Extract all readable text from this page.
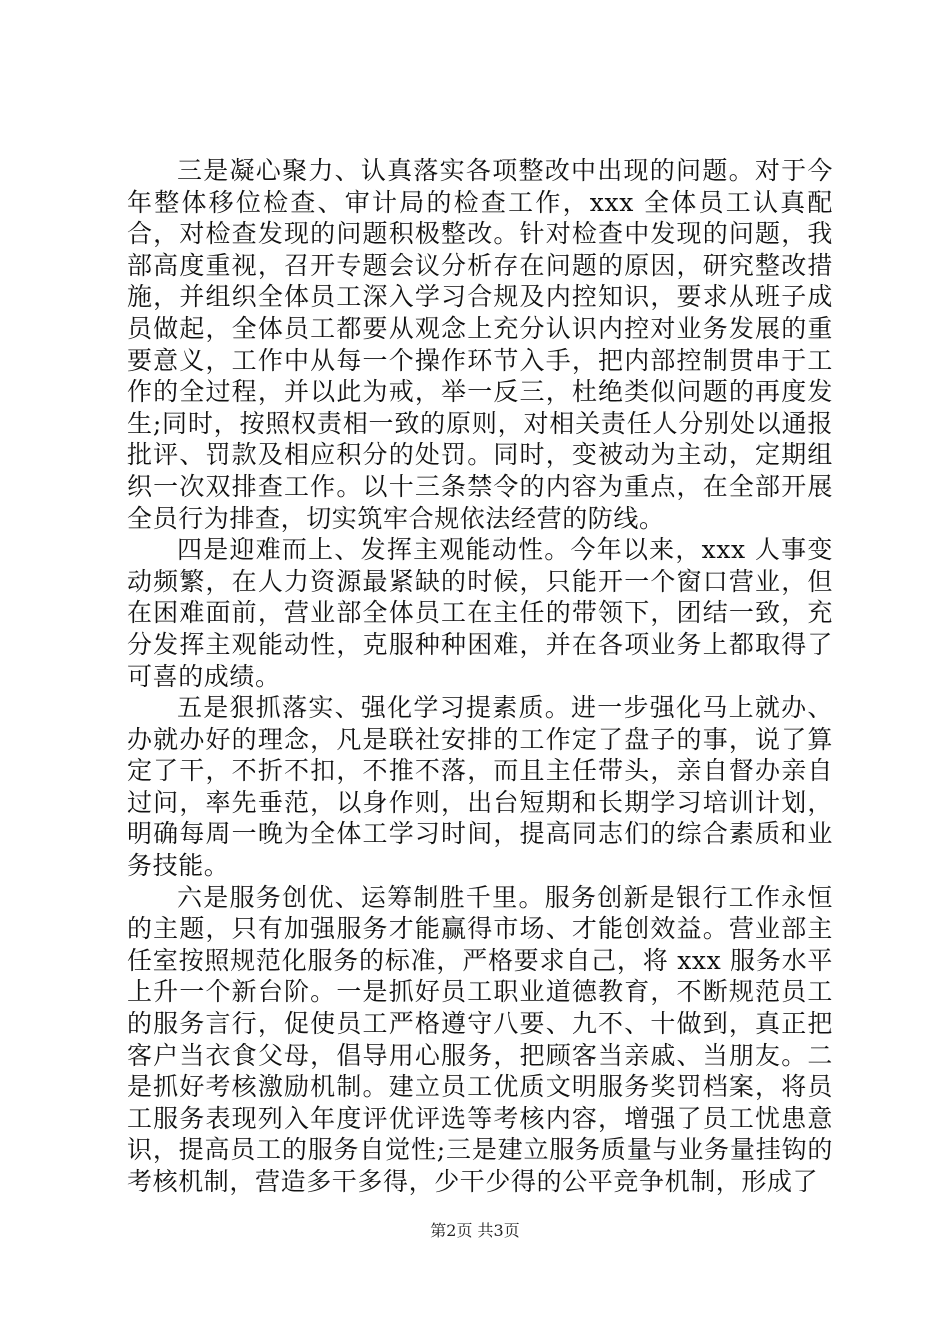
三是凝心聚力、认真落实各项整改中出现的问题。对于今年整体移位检查、审计局的检查工作，xxx 全体员工认真配合，对检查发现的问题积极整改。针对检查中发现的问题，我部高度重视，召开专题会议分析存在问题的原因，研究整改措施，并组织全体员工深入学习合规及内控知识，要求从班子成员做起，全体员工都要从观念上充分认识内控对业务发展的重要意义，工作中从每一个操作环节入手，把内部控制贯串于工作的全过程，并以此为戒，举一反三，杜绝类似问题的再度发生;同时，按照权责相一致的原则，对相关责任人分别处以通报批评、罚款及相应积分的处罚。同时，变被动为主动，定期组织一次双排查工作。以十三条禁令的内容为重点，在全部开展全员行为排查，切实筑牢合规依法经营的防线。

四是迎难而上、发挥主观能动性。今年以来，xxx 人事变动频繁，在人力资源最紧缺的时候，只能开一个窗口营业，但在困难面前，营业部全体员工在主任的带领下，团结一致，充分发挥主观能动性，克服种种困难，并在各项业务上都取得了可喜的成绩。

五是狠抓落实、强化学习提素质。进一步强化马上就办、办就办好的理念，凡是联社安排的工作定了盘子的事，说了算定了干，不折不扣，不推不落，而且主任带头，亲自督办亲自过问，率先垂范，以身作则，出台短期和长期学习培训计划，明确每周一晚为全体工学习时间，提高同志们的综合素质和业务技能。

六是服务创优、运筹制胜千里。服务创新是银行工作永恒的主题，只有加强服务才能赢得市场、才能创效益。营业部主任室按照规范化服务的标准，严格要求自己，将 xxx 服务水平上升一个新台阶。一是抓好员工职业道德教育，不断规范员工的服务言行，促使员工严格遵守八要、九不、十做到，真正把客户当衣食父母，倡导用心服务，把顾客当亲戚、当朋友。二是抓好考核激励机制。建立员工优质文明服务奖罚档案，将员工服务表现列入年度评优评选等考核内容，增强了员工忧患意识，提高员工的服务自觉性;三是建立服务质量与业务量挂钩的考核机制，营造多干多得，少干少得的公平竞争机制，形成了

第2页 共3页
